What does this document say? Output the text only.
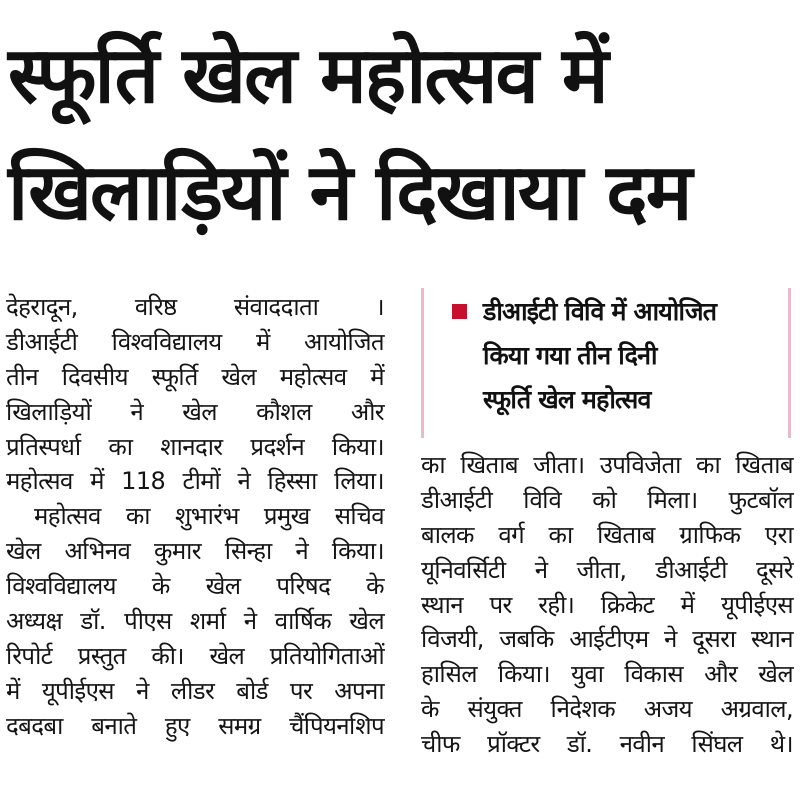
स्फूर्ति खेल महोत्सव में
खिलाड़ियों ने दिखाया दम
देहरादून, वरिष्ठ संवाददाता ।
डीआईटी विश्वविद्यालय में आयोजित
तीन दिवसीय स्फूर्ति खेल महोत्सव में
खिलाड़ियों ने खेल कौशल और
प्रतिस्पर्धा का शानदार प्रदर्शन किया।
महोत्सव में 118 टीमों ने हिस्सा लिया।
महोत्सव का शुभारंभ प्रमुख सचिव
खेल अभिनव कुमार सिन्हा ने किया।
विश्वविद्यालय के खेल परिषद के
अध्यक्ष डॉ. पीएस शर्मा ने वार्षिक खेल
रिपोर्ट प्रस्तुत की। खेल प्रतियोगिताओं
में यूपीईएस ने लीडर बोर्ड पर अपना
दबदबा बनाते हुए समग्र चैंपियनशिप
डीआईटी विवि में आयोजित
किया गया तीन दिनी
स्फूर्ति खेल महोत्सव
का खिताब जीता। उपविजेता का खिताब
डीआईटी विवि को मिला। फुटबॉल
बालक वर्ग का खिताब ग्राफिक एरा
यूनिवर्सिटी ने जीता, डीआईटी दूसरे
स्थान पर रही। क्रिकेट में यूपीईएस
विजयी, जबकि आईटीएम ने दूसरा स्थान
हासिल किया। युवा विकास और खेल
के संयुक्त निदेशक अजय अग्रवाल,
चीफ प्रॉक्टर डॉ. नवीन सिंघल थे।
